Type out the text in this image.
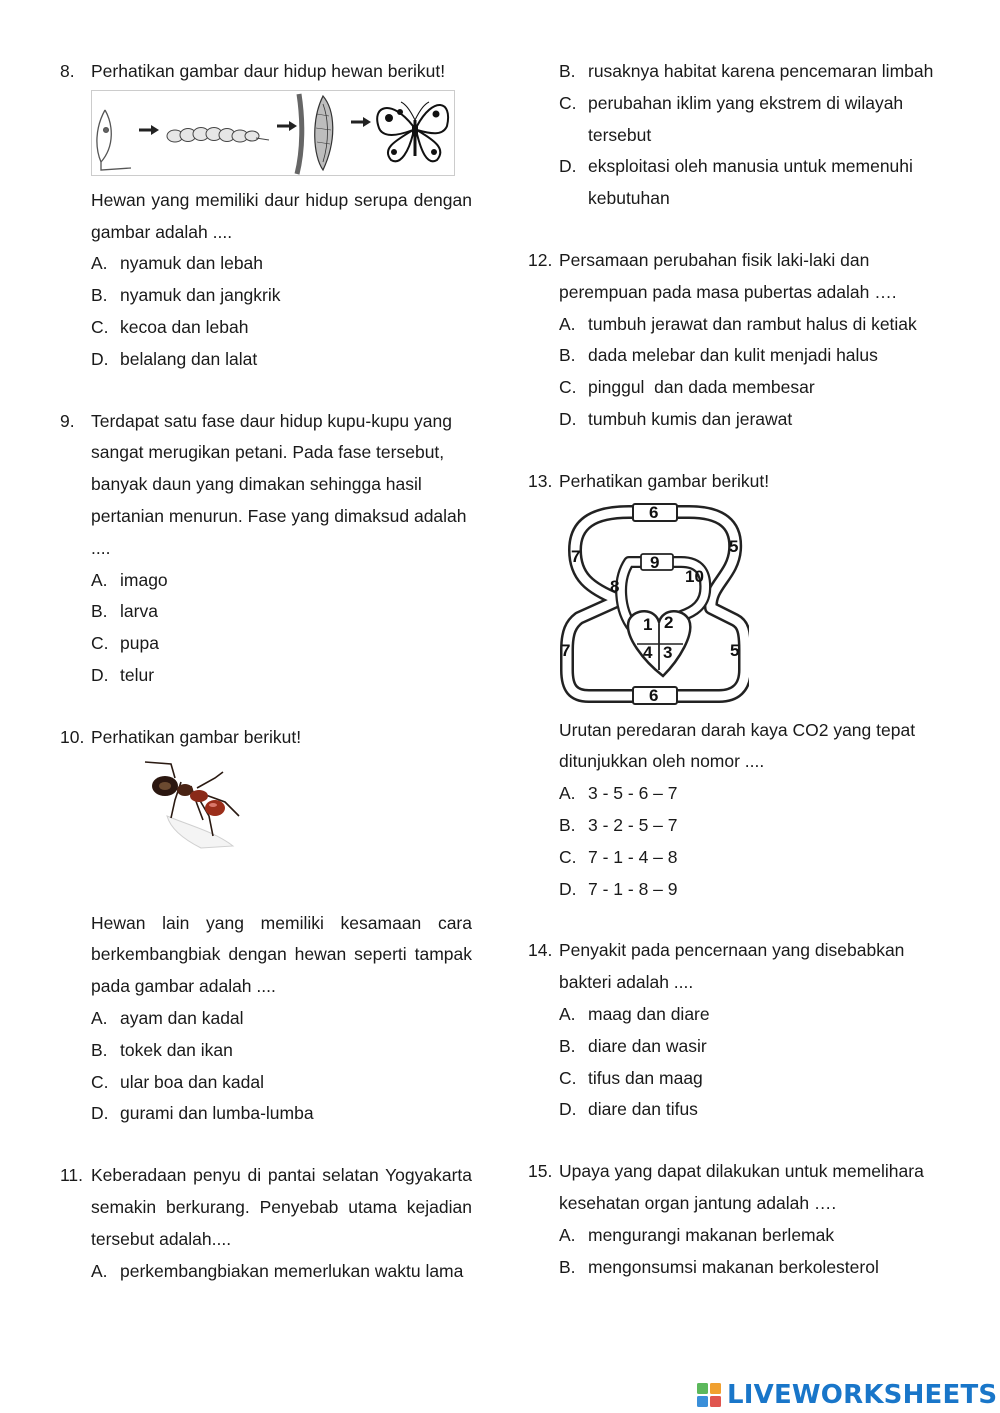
8. Perhatikan gambar daur hidup hewan berikut!
Hewan yang memiliki daur hidup serupa dengan gambar adalah ....
A. nyamuk dan lebah
B. nyamuk dan jangkrik
C. kecoa dan lebah
D. belalang dan lalat
9. Terdapat satu fase daur hidup kupu-kupu yang sangat merugikan petani. Pada fase tersebut, banyak daun yang dimakan sehingga hasil pertanian menurun. Fase yang dimaksud adalah ....
A. imago
B. larva
C. pupa
D. telur
10. Perhatikan gambar berikut!
Hewan lain yang memiliki kesamaan cara berkembangbiak dengan hewan seperti tampak pada gambar adalah ....
A. ayam dan kadal
B. tokek dan ikan
C. ular boa dan kadal
D. gurami dan lumba-lumba
11. Keberadaan penyu di pantai selatan Yogyakarta semakin berkurang. Penyebab utama kejadian tersebut adalah....
A. perkembangbiakan memerlukan waktu lama
B. rusaknya habitat karena pencemaran limbah
C. perubahan iklim yang ekstrem di wilayah tersebut
D. eksploitasi oleh manusia untuk memenuhi kebutuhan
12. Persamaan perubahan fisik laki-laki dan perempuan pada masa pubertas adalah ….
A. tumbuh jerawat dan rambut halus di ketiak
B. dada melebar dan kulit menjadi halus
C. pinggul  dan dada membesar
D. tumbuh kumis dan jerawat
13. Perhatikan gambar berikut!
6
6
9
10
5
5
7
7
8
1 2
4 3
Urutan peredaran darah kaya CO2 yang tepat ditunjukkan oleh nomor ....
A. 3 - 5 - 6 – 7
B. 3 - 2 - 5 – 7
C. 7 - 1 - 4 – 8
D. 7 - 1 - 8 – 9
14. Penyakit pada pencernaan yang disebabkan bakteri adalah ....
A. maag dan diare
B. diare dan wasir
C. tifus dan maag
D. diare dan tifus
15. Upaya yang dapat dilakukan untuk memelihara kesehatan organ jantung adalah ….
A. mengurangi makanan berlemak
B. mengonsumsi makanan berkolesterol
LIVEWORKSHEETS
